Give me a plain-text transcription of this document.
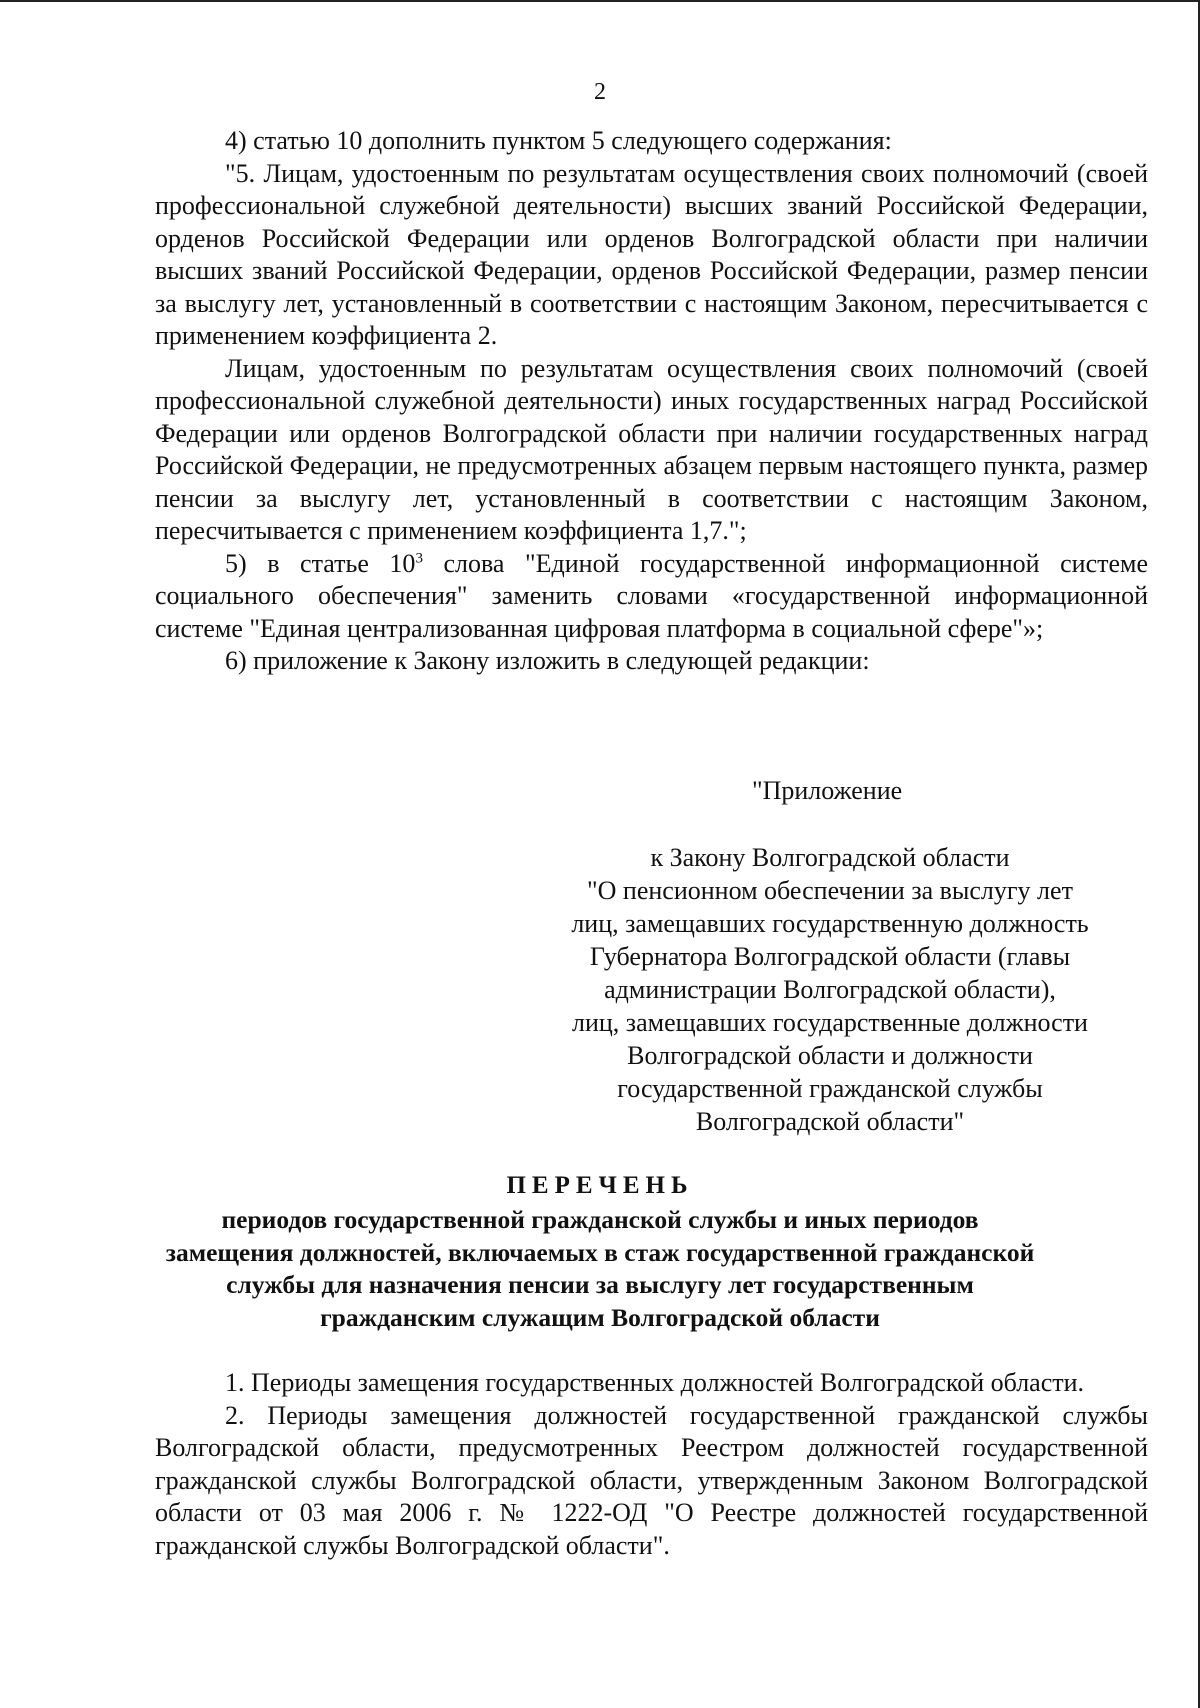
2

4) статью 10 дополнить пунктом 5 следующего содержания:

"5. Лицам, удостоенным по результатам осуществления своих полномочий (своей профессиональной служебной деятельности) высших званий Российской Федерации, орденов Российской Федерации или орденов Волгоградской области при наличии высших званий Российской Федерации, орденов Российской Федерации, размер пенсии за выслугу лет, установленный в соответствии с настоящим Законом, пересчитывается с применением коэффициента 2.

Лицам, удостоенным по результатам осуществления своих полномочий (своей профессиональной служебной деятельности) иных государственных наград Российской Федерации или орденов Волгоградской области при наличии государственных наград Российской Федерации, не предусмотренных абзацем первым настоящего пункта, размер пенсии за выслугу лет, установленный в соответствии с настоящим Законом, пересчитывается с применением коэффициента 1,7.";

5) в статье $10^3$ слова "Единой государственной информационной системе социального обеспечения" заменить словами «государственной информационной системе "Единая централизованная цифровая платформа в социальной сфере"»;

6) приложение к Закону изложить в следующей редакции:

"Приложение
к Закону Волгоградской области
"О пенсионном обеспечении за выслугу лет
лиц, замещавших государственную должность
Губернатора Волгоградской области (главы
администрации Волгоградской области),
лиц, замещавших государственные должности
Волгоградской области и должности
государственной гражданской службы
Волгоградской области"
ПЕРЕЧЕНЬ
периодов государственной гражданской службы и иных периодов
замещения должностей, включаемых в стаж государственной гражданской
службы для назначения пенсии за выслугу лет государственным
гражданским служащим Волгоградской области

1. Периоды замещения государственных должностей Волгоградской области.

2. Периоды замещения должностей государственной гражданской службы Волгоградской области, предусмотренных Реестром должностей государственной гражданской службы Волгоградской области, утвержденным Законом Волгоградской области от 03 мая 2006 г. № 1222-ОД "О Реестре должностей государственной гражданской службы Волгоградской области".
